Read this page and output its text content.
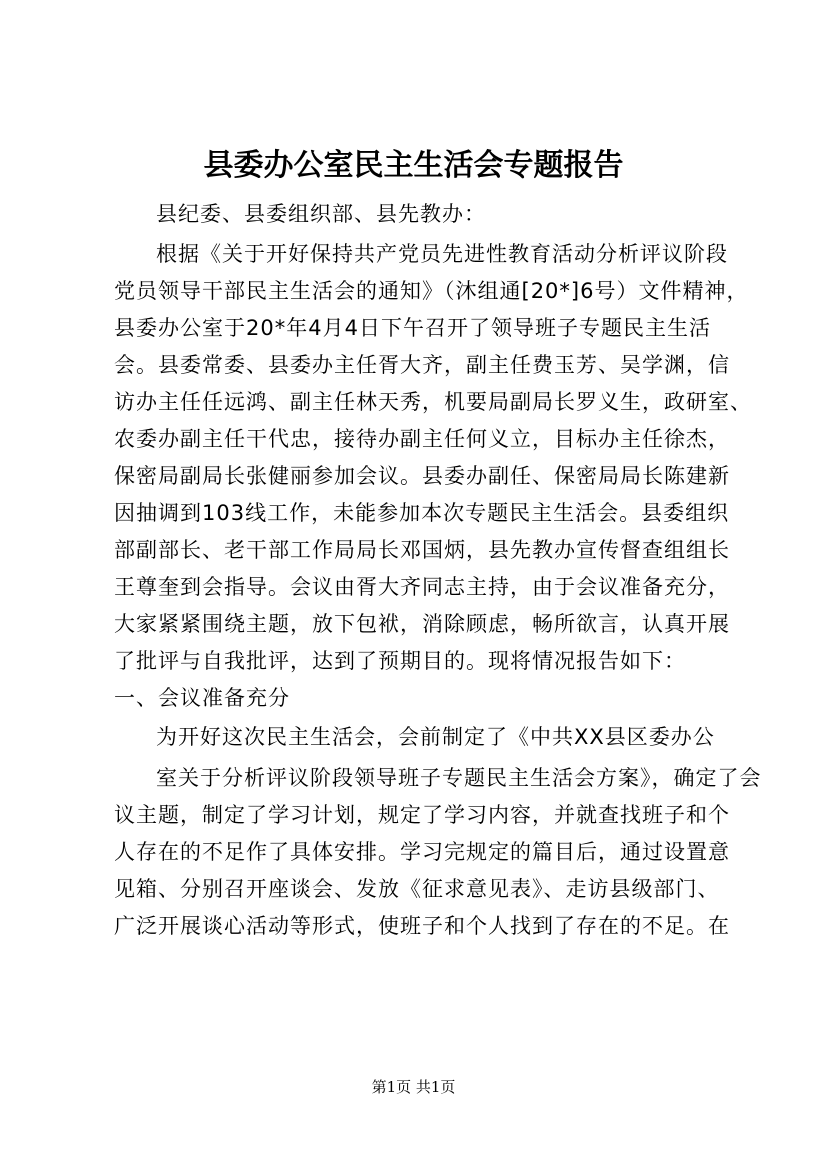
县委办公室民主生活会专题报告
县纪委、县委组织部、县先教办：
根据《关于开好保持共产党员先进性教育活动分析评议阶段
党员领导干部民主生活会的通知》（沐组通[20*]6号）文件精神，
县委办公室于20*年4月4日下午召开了领导班子专题民主生活
会。县委常委、县委办主任胥大齐，副主任费玉芳、吴学渊，信
访办主任任远鸿、副主任林天秀，机要局副局长罗义生，政研室、
农委办副主任干代忠，接待办副主任何义立，目标办主任徐杰，
保密局副局长张健丽参加会议。县委办副任、保密局局长陈建新
因抽调到103线工作，未能参加本次专题民主生活会。县委组织
部副部长、老干部工作局局长邓国炳，县先教办宣传督查组组长
王尊奎到会指导。会议由胥大齐同志主持，由于会议准备充分，
大家紧紧围绕主题，放下包袱，消除顾虑，畅所欲言，认真开展
了批评与自我批评，达到了预期目的。现将情况报告如下：
一、会议准备充分
为开好这次民主生活会，会前制定了《中共XX县区委办公
室关于分析评议阶段领导班子专题民主生活会方案》，确定了会
议主题，制定了学习计划，规定了学习内容，并就查找班子和个
人存在的不足作了具体安排。学习完规定的篇目后，通过设置意
见箱、分别召开座谈会、发放《征求意见表》、走访县级部门、
广泛开展谈心活动等形式，使班子和个人找到了存在的不足。在
第1页 共1页
